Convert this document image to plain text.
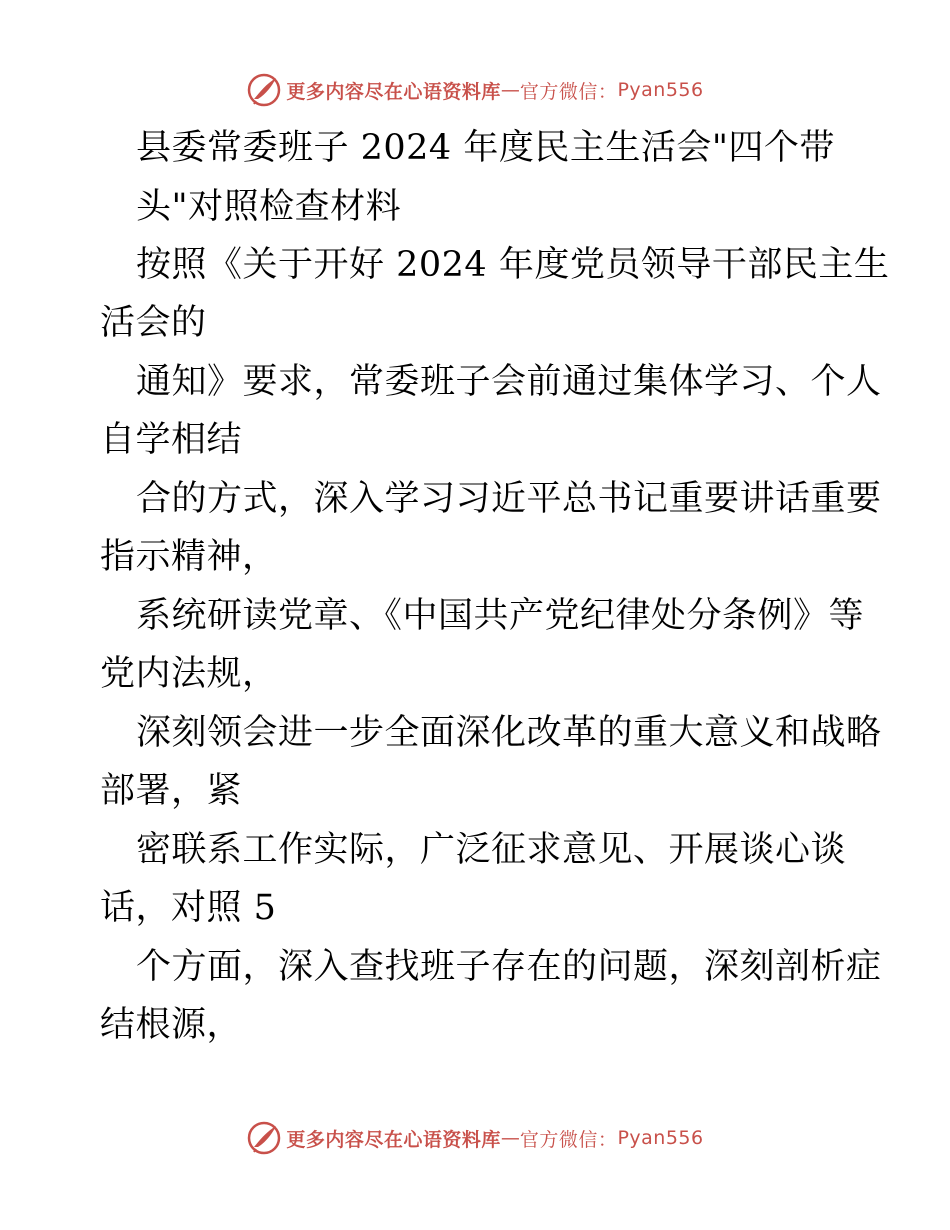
更多内容尽在心语资料库 — 官方微信： Pyan556
县委常委班子 2024 年度民主生活会"四个带
头"对照检查材料
按照《关于开好 2024 年度党员领导干部民主生
活会的
通知》要求，常委班子会前通过集体学习、个人
自学相结
合的方式，深入学习习近平总书记重要讲话重要
指示精神，
系统研读党章、《中国共产党纪律处分条例》等
党内法规，
深刻领会进一步全面深化改革的重大意义和战略
部署，紧
密联系工作实际，广泛征求意见、开展谈心谈
话，对照 5
个方面，深入查找班子存在的问题，深刻剖析症
结根源，
更多内容尽在心语资料库 — 官方微信： Pyan556
